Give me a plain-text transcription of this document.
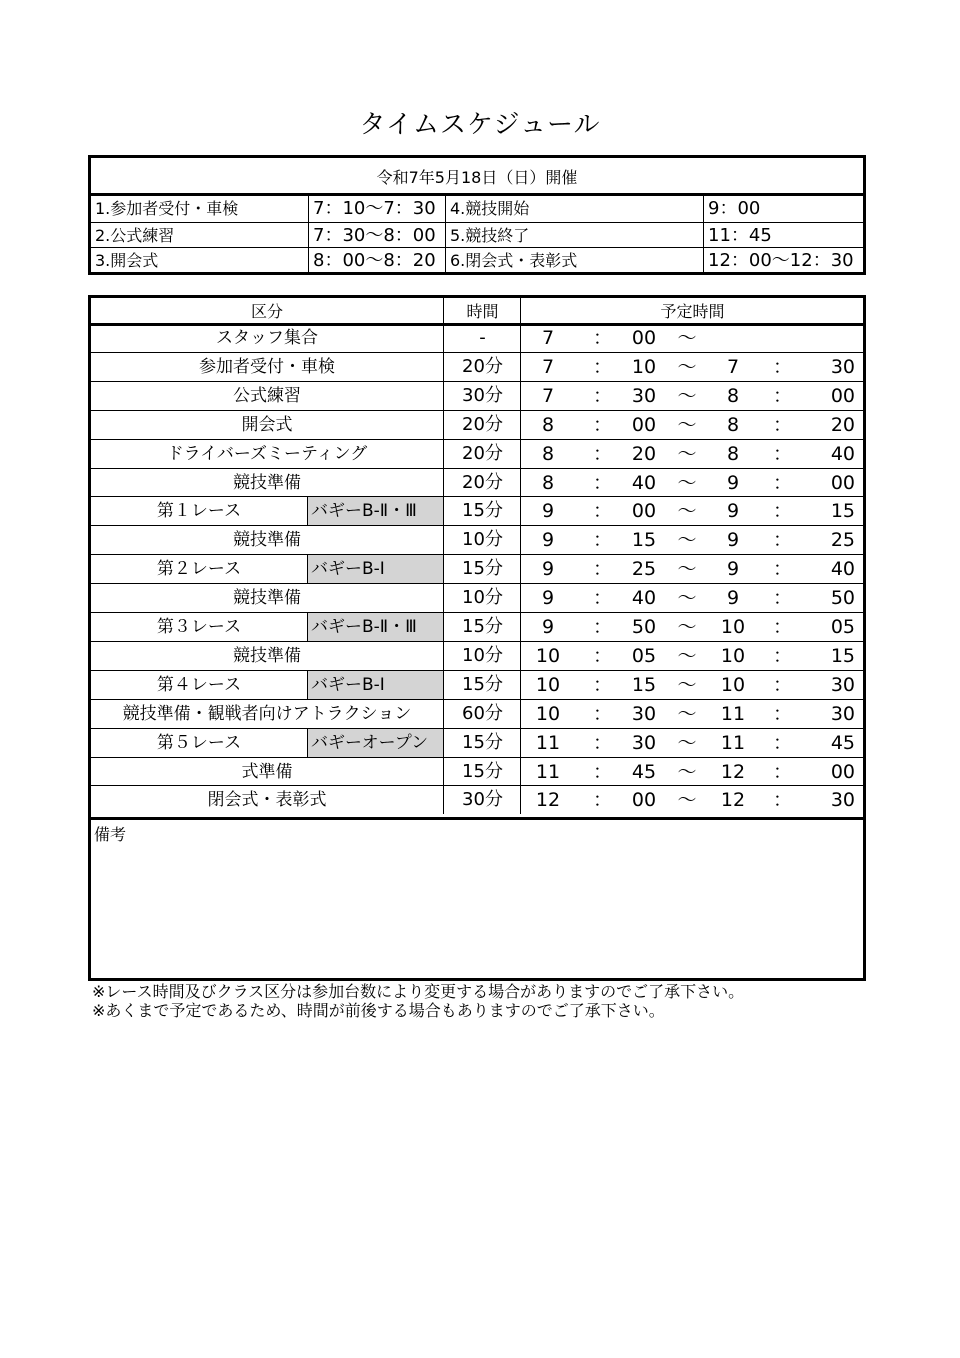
タイムスケジュール
令和7年5月18日（日）開催
1.参加者受付・車検	7：10〜7：30 4.競技開始	9：00
2.公式練習	7：30〜8：00 5.競技終了	11：45
3.開会式	8：00〜8：20 6.閉会式・表彰式	12：00〜12：30
区分	時間	予定時間
スタッフ集合	-	7	：	00	〜
参加者受付・車検	20分	7	：	10	〜	7	：	30
公式練習	30分	7	：	30	〜	8	：	00
開会式	20分	8	：	00	〜	8	：	20
ドライバーズミーティング	20分	8	：	20	〜	8	：	40
競技準備	20分	8	：	40	〜	9	：	00
第１レース	バギーB-Ⅱ・Ⅲ	15分	9	：	00	〜	9	：	15
競技準備	10分	9	：	15	〜	9	：	25
第２レース	バギーB-Ⅰ	15分	9	：	25	〜	9	：	40
競技準備	10分	9	：	40	〜	9	：	50
第３レース	バギーB-Ⅱ・Ⅲ	15分	9	：	50	〜	10	：	05
競技準備	10分	10 ：	05	〜	10	：	15
第４レース	バギーB-Ⅰ	15分	10 ：	15	〜	10	：	30
競技準備・観戦者向けアトラクション	60分	10 ：	30	〜	11	：	30
第５レース	バギーオープン	15分	11 ：	30	〜	11	：	45
式準備	15分	11 ：	45	〜	12	：	00
閉会式・表彰式	30分	12 ：	00	〜	12	：	30
備考
※レース時間及びクラス区分は参加台数により変更する場合がありますのでご了承下さい。
※あくまで予定であるため、時間が前後する場合もありますのでご了承下さい。
